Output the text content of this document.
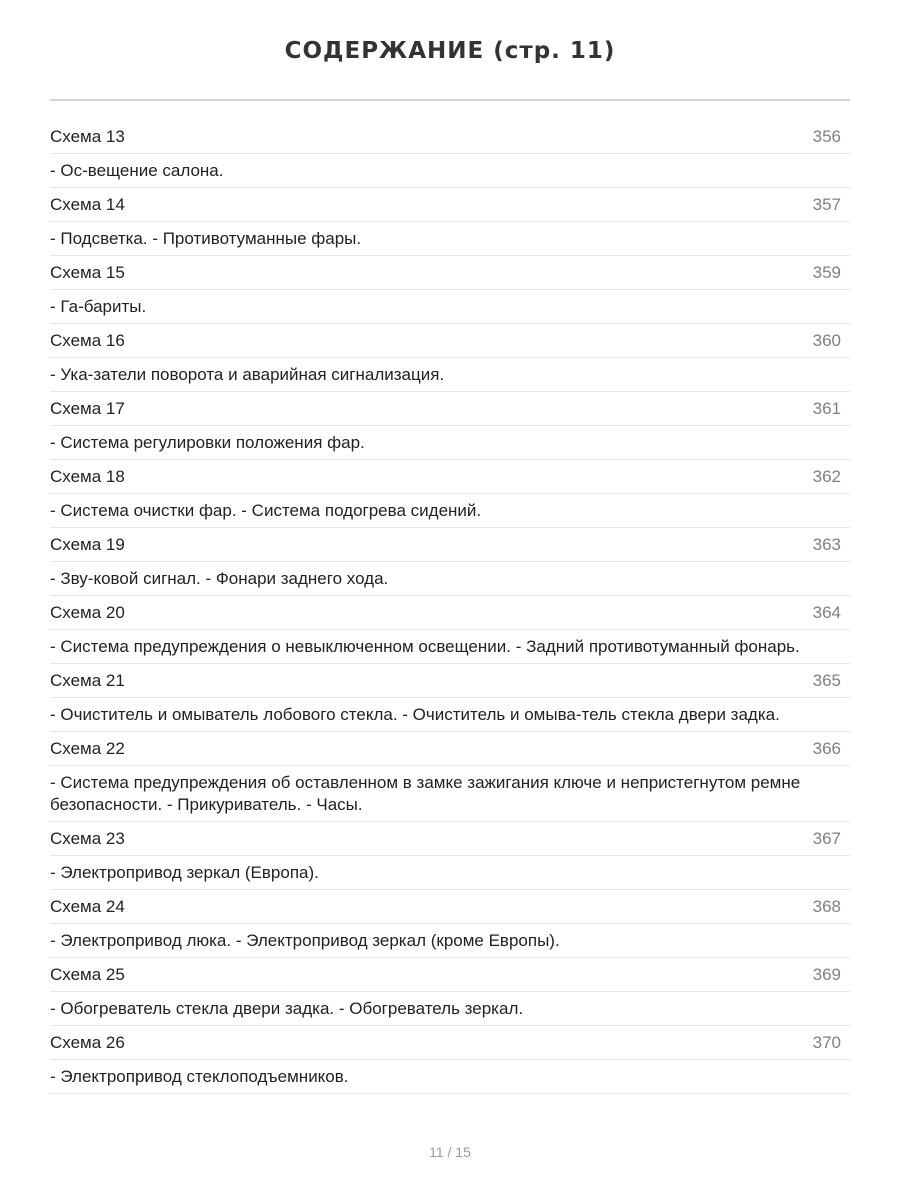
СОДЕРЖАНИЕ (стр. 11)
Схема 13	356
- Ос-вещение салона.
Схема 14	357
- Подсветка. - Противотуманные фары.
Схема 15	359
- Га-бариты.
Схема 16	360
- Ука-затели поворота и аварийная сигнализация.
Схема 17	361
- Система регулировки положения фар.
Схема 18	362
- Система очистки фар. - Система подогрева сидений.
Схема 19	363
- Зву-ковой сигнал. - Фонари заднего хода.
Схема 20	364
- Система предупреждения о невыключенном освещении. - Задний противотуманный фонарь.
Схема 21	365
- Очиститель и омыватель лобового стекла. - Очиститель и омыва-тель стекла двери задка.
Схема 22	366
- Система предупреждения об оставленном в замке зажигания ключе и непристегнутом ремне безопасности. - Прикуриватель. - Часы.
Схема 23	367
- Электропривод зеркал (Европа).
Схема 24	368
- Электропривод люка. - Электропривод зеркал (кроме Европы).
Схема 25	369
- Обогреватель стекла двери задка. - Обогреватель зеркал.
Схема 26	370
- Электропривод стеклоподъемников.
11 / 15
